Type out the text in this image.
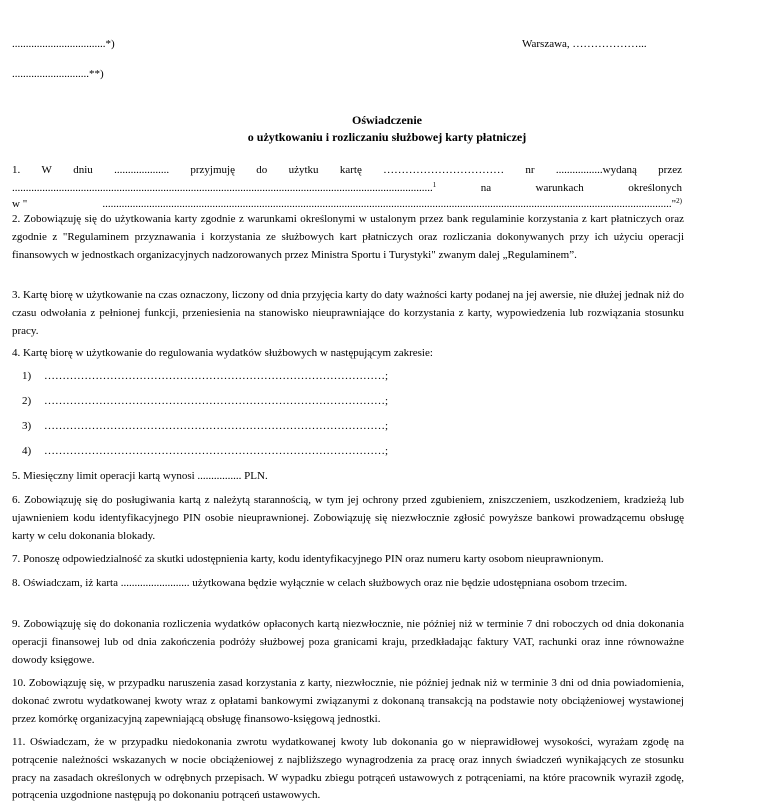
..................................*)	Warszawa, ………………...
............................**)
Oświadczenie
o użytkowaniu i rozliczaniu służbowej karty płatniczej
1. W dniu .................... przyjmuję do użytku kartę …………………………… nr .................wydaną przez
.........................................................................................................................................................$^1$	na	warunkach	określonych
w "	..............................................................................................................................................................................................................."$^{2)}$
2. Zobowiązuję się do użytkowania karty zgodnie z warunkami określonymi w ustalonym przez bank regulaminie korzystania z kart płatniczych oraz zgodnie z "Regulaminem przyznawania i korzystania ze służbowych kart płatniczych oraz rozliczania dokonywanych przy ich użyciu operacji finansowych w jednostkach organizacyjnych nadzorowanych przez Ministra Sportu i Turystyki" zwanym dalej „Regulaminem”.
3. Kartę biorę w użytkowanie na czas oznaczony, liczony od dnia przyjęcia karty do daty ważności karty podanej na jej awersie, nie dłużej jednak niż do czasu odwołania z pełnionej funkcji, przeniesienia na stanowisko nieuprawniające do korzystania z karty, wypowiedzenia lub rozwiązania stosunku pracy.
4. Kartę biorę w użytkowanie do regulowania wydatków służbowych w następującym zakresie:
1) …………………………………………………………………………………;
2) …………………………………………………………………………………;
3) …………………………………………………………………………………;
4) …………………………………………………………………………………;
5. Miesięczny limit operacji kartą wynosi ................ PLN.
6. Zobowiązuję się do posługiwania kartą z należytą starannością, w tym jej ochrony przed zgubieniem, zniszczeniem, uszkodzeniem, kradzieżą lub ujawnieniem kodu identyfikacyjnego PIN osobie nieuprawnionej. Zobowiązuję się niezwłocznie zgłosić powyższe bankowi prowadzącemu obsługę karty w celu dokonania blokady.
7. Ponoszę odpowiedzialność za skutki udostępnienia karty, kodu identyfikacyjnego PIN oraz numeru karty osobom nieuprawnionym.
8. Oświadczam, iż karta ......................... użytkowana będzie wyłącznie w celach służbowych oraz nie będzie udostępniana osobom trzecim.
9. Zobowiązuję się do dokonania rozliczenia wydatków opłaconych kartą niezwłocznie, nie później niż w terminie 7 dni roboczych od dnia dokonania operacji finansowej lub od dnia zakończenia podróży służbowej poza granicami kraju, przedkładając faktury VAT, rachunki oraz inne równoważne dowody księgowe.
10. Zobowiązuję się, w przypadku naruszenia zasad korzystania z karty, niezwłocznie, nie później jednak niż w terminie 3 dni od dnia powiadomienia, dokonać zwrotu wydatkowanej kwoty wraz z opłatami bankowymi związanymi z dokonaną transakcją na podstawie noty obciążeniowej wystawionej przez komórkę organizacyjną zapewniającą obsługę finansowo-księgową jednostki.
11. Oświadczam, że w przypadku niedokonania zwrotu wydatkowanej kwoty lub dokonania go w nieprawidłowej wysokości, wyrażam zgodę na potrącenie należności wskazanych w nocie obciążeniowej z najbliższego wynagrodzenia za pracę oraz innych świadczeń wynikających ze stosunku pracy na zasadach określonych w odrębnych przepisach. W wypadku zbiegu potrąceń ustawowych z potrąceniami, na które pracownik wyraził zgodę, potrącenia uzgodnione następują po dokonaniu potrąceń ustawowych.
